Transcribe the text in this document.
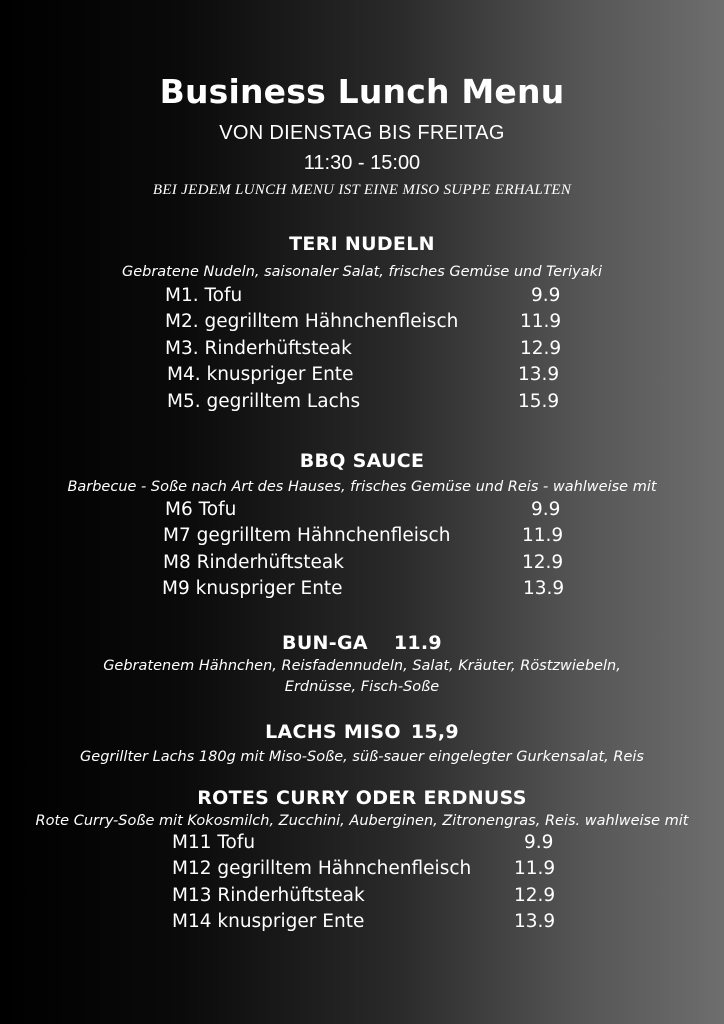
Business Lunch Menu
VON DIENSTAG BIS FREITAG
11:30 - 15:00
BEI JEDEM LUNCH MENU IST EINE MISO SUPPE ERHALTEN
TERI NUDELN
Gebratene Nudeln, saisonaler Salat, frisches Gemüse und Teriyaki
M1. Tofu	9.9
M2. gegrilltem Hähnchenfleisch	11.9
M3. Rinderhüftsteak	12.9
M4. knuspriger Ente	13.9
M5. gegrilltem Lachs	15.9
BBQ SAUCE
Barbecue - Soße nach Art des Hauses, frisches Gemüse und Reis - wahlweise mit
M6 Tofu	9.9
M7 gegrilltem Hähnchenfleisch	11.9
M8 Rinderhüftsteak	12.9
M9 knuspriger Ente	13.9
BUN-GA 11.9
Gebratenem Hähnchen, Reisfadennudeln, Salat, Kräuter, Röstzwiebeln,
Erdnüsse, Fisch-Soße
LACHS MISO 15,9
Gegrillter Lachs 180g mit Miso-Soße, süß-sauer eingelegter Gurkensalat, Reis
ROTES CURRY ODER ERDNUSS
Rote Curry-Soße mit Kokosmilch, Zucchini, Auberginen, Zitronengras, Reis. wahlweise mit
M11 Tofu	9.9
M12 gegrilltem Hähnchenfleisch 11.9
M13 Rinderhüftsteak	12.9
M14 knuspriger Ente	13.9
